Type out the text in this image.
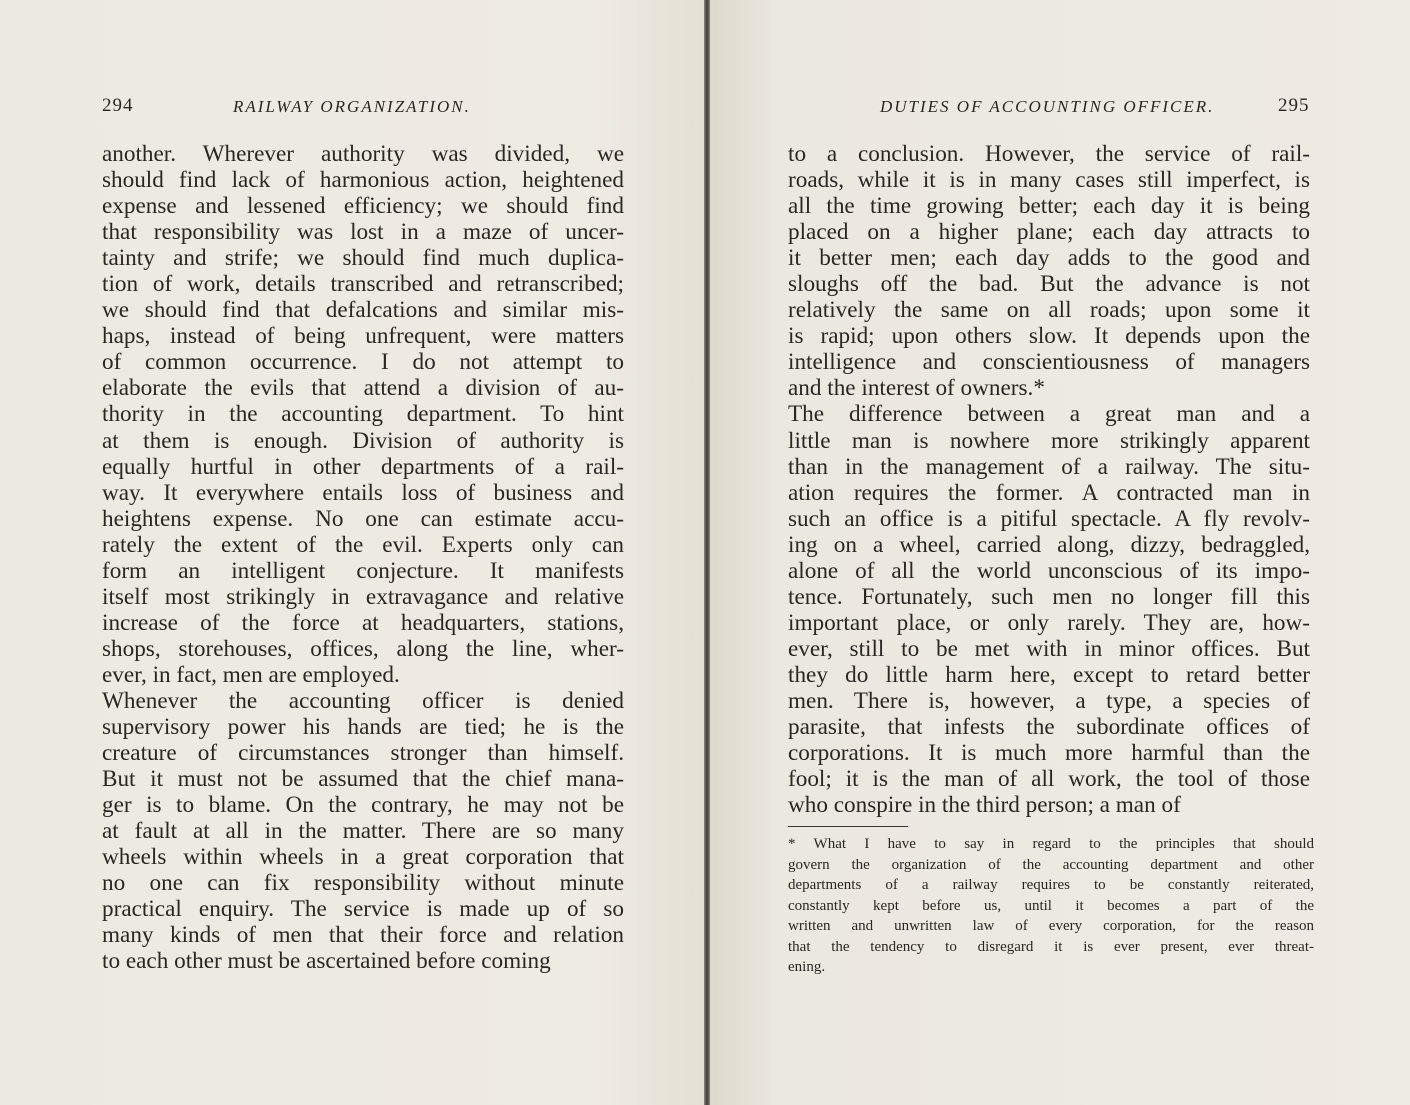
294	RAILWAY ORGANIZATION.
another. Wherever authority was divided, we
should find lack of harmonious action, heightened
expense and lessened efficiency; we should find
that responsibility was lost in a maze of uncer-
tainty and strife; we should find much duplica-
tion of work, details transcribed and retranscribed;
we should find that defalcations and similar mis-
haps, instead of being unfrequent, were matters
of common occurrence. I do not attempt to
elaborate the evils that attend a division of au-
thority in the accounting department. To hint
at them is enough. Division of authority is
equally hurtful in other departments of a rail-
way. It everywhere entails loss of business and
heightens expense. No one can estimate accu-
rately the extent of the evil. Experts only can
form an intelligent conjecture. It manifests
itself most strikingly in extravagance and relative
increase of the force at headquarters, stations,
shops, storehouses, offices, along the line, wher-
ever, in fact, men are employed.
Whenever the accounting officer is denied
supervisory power his hands are tied; he is the
creature of circumstances stronger than himself.
But it must not be assumed that the chief mana-
ger is to blame. On the contrary, he may not be
at fault at all in the matter. There are so many
wheels within wheels in a great corporation that
no one can fix responsibility without minute
practical enquiry. The service is made up of so
many kinds of men that their force and relation
to each other must be ascertained before coming
DUTIES OF ACCOUNTING OFFICER.	295
to a conclusion. However, the service of rail-
roads, while it is in many cases still imperfect, is
all the time growing better; each day it is being
placed on a higher plane; each day attracts to
it better men; each day adds to the good and
sloughs off the bad. But the advance is not
relatively the same on all roads; upon some it
is rapid; upon others slow. It depends upon the
intelligence and conscientiousness of managers
and the interest of owners.*
The difference between a great man and a
little man is nowhere more strikingly apparent
than in the management of a railway. The situ-
ation requires the former. A contracted man in
such an office is a pitiful spectacle. A fly revolv-
ing on a wheel, carried along, dizzy, bedraggled,
alone of all the world unconscious of its impo-
tence. Fortunately, such men no longer fill this
important place, or only rarely. They are, how-
ever, still to be met with in minor offices. But
they do little harm here, except to retard better
men. There is, however, a type, a species of
parasite, that infests the subordinate offices of
corporations. It is much more harmful than the
fool; it is the man of all work, the tool of those
who conspire in the third person; a man of
* What I have to say in regard to the principles that should
govern the organization of the accounting department and other
departments of a railway requires to be constantly reiterated,
constantly kept before us, until it becomes a part of the
written and unwritten law of every corporation, for the reason
that the tendency to disregard it is ever present, ever threat-
ening.
